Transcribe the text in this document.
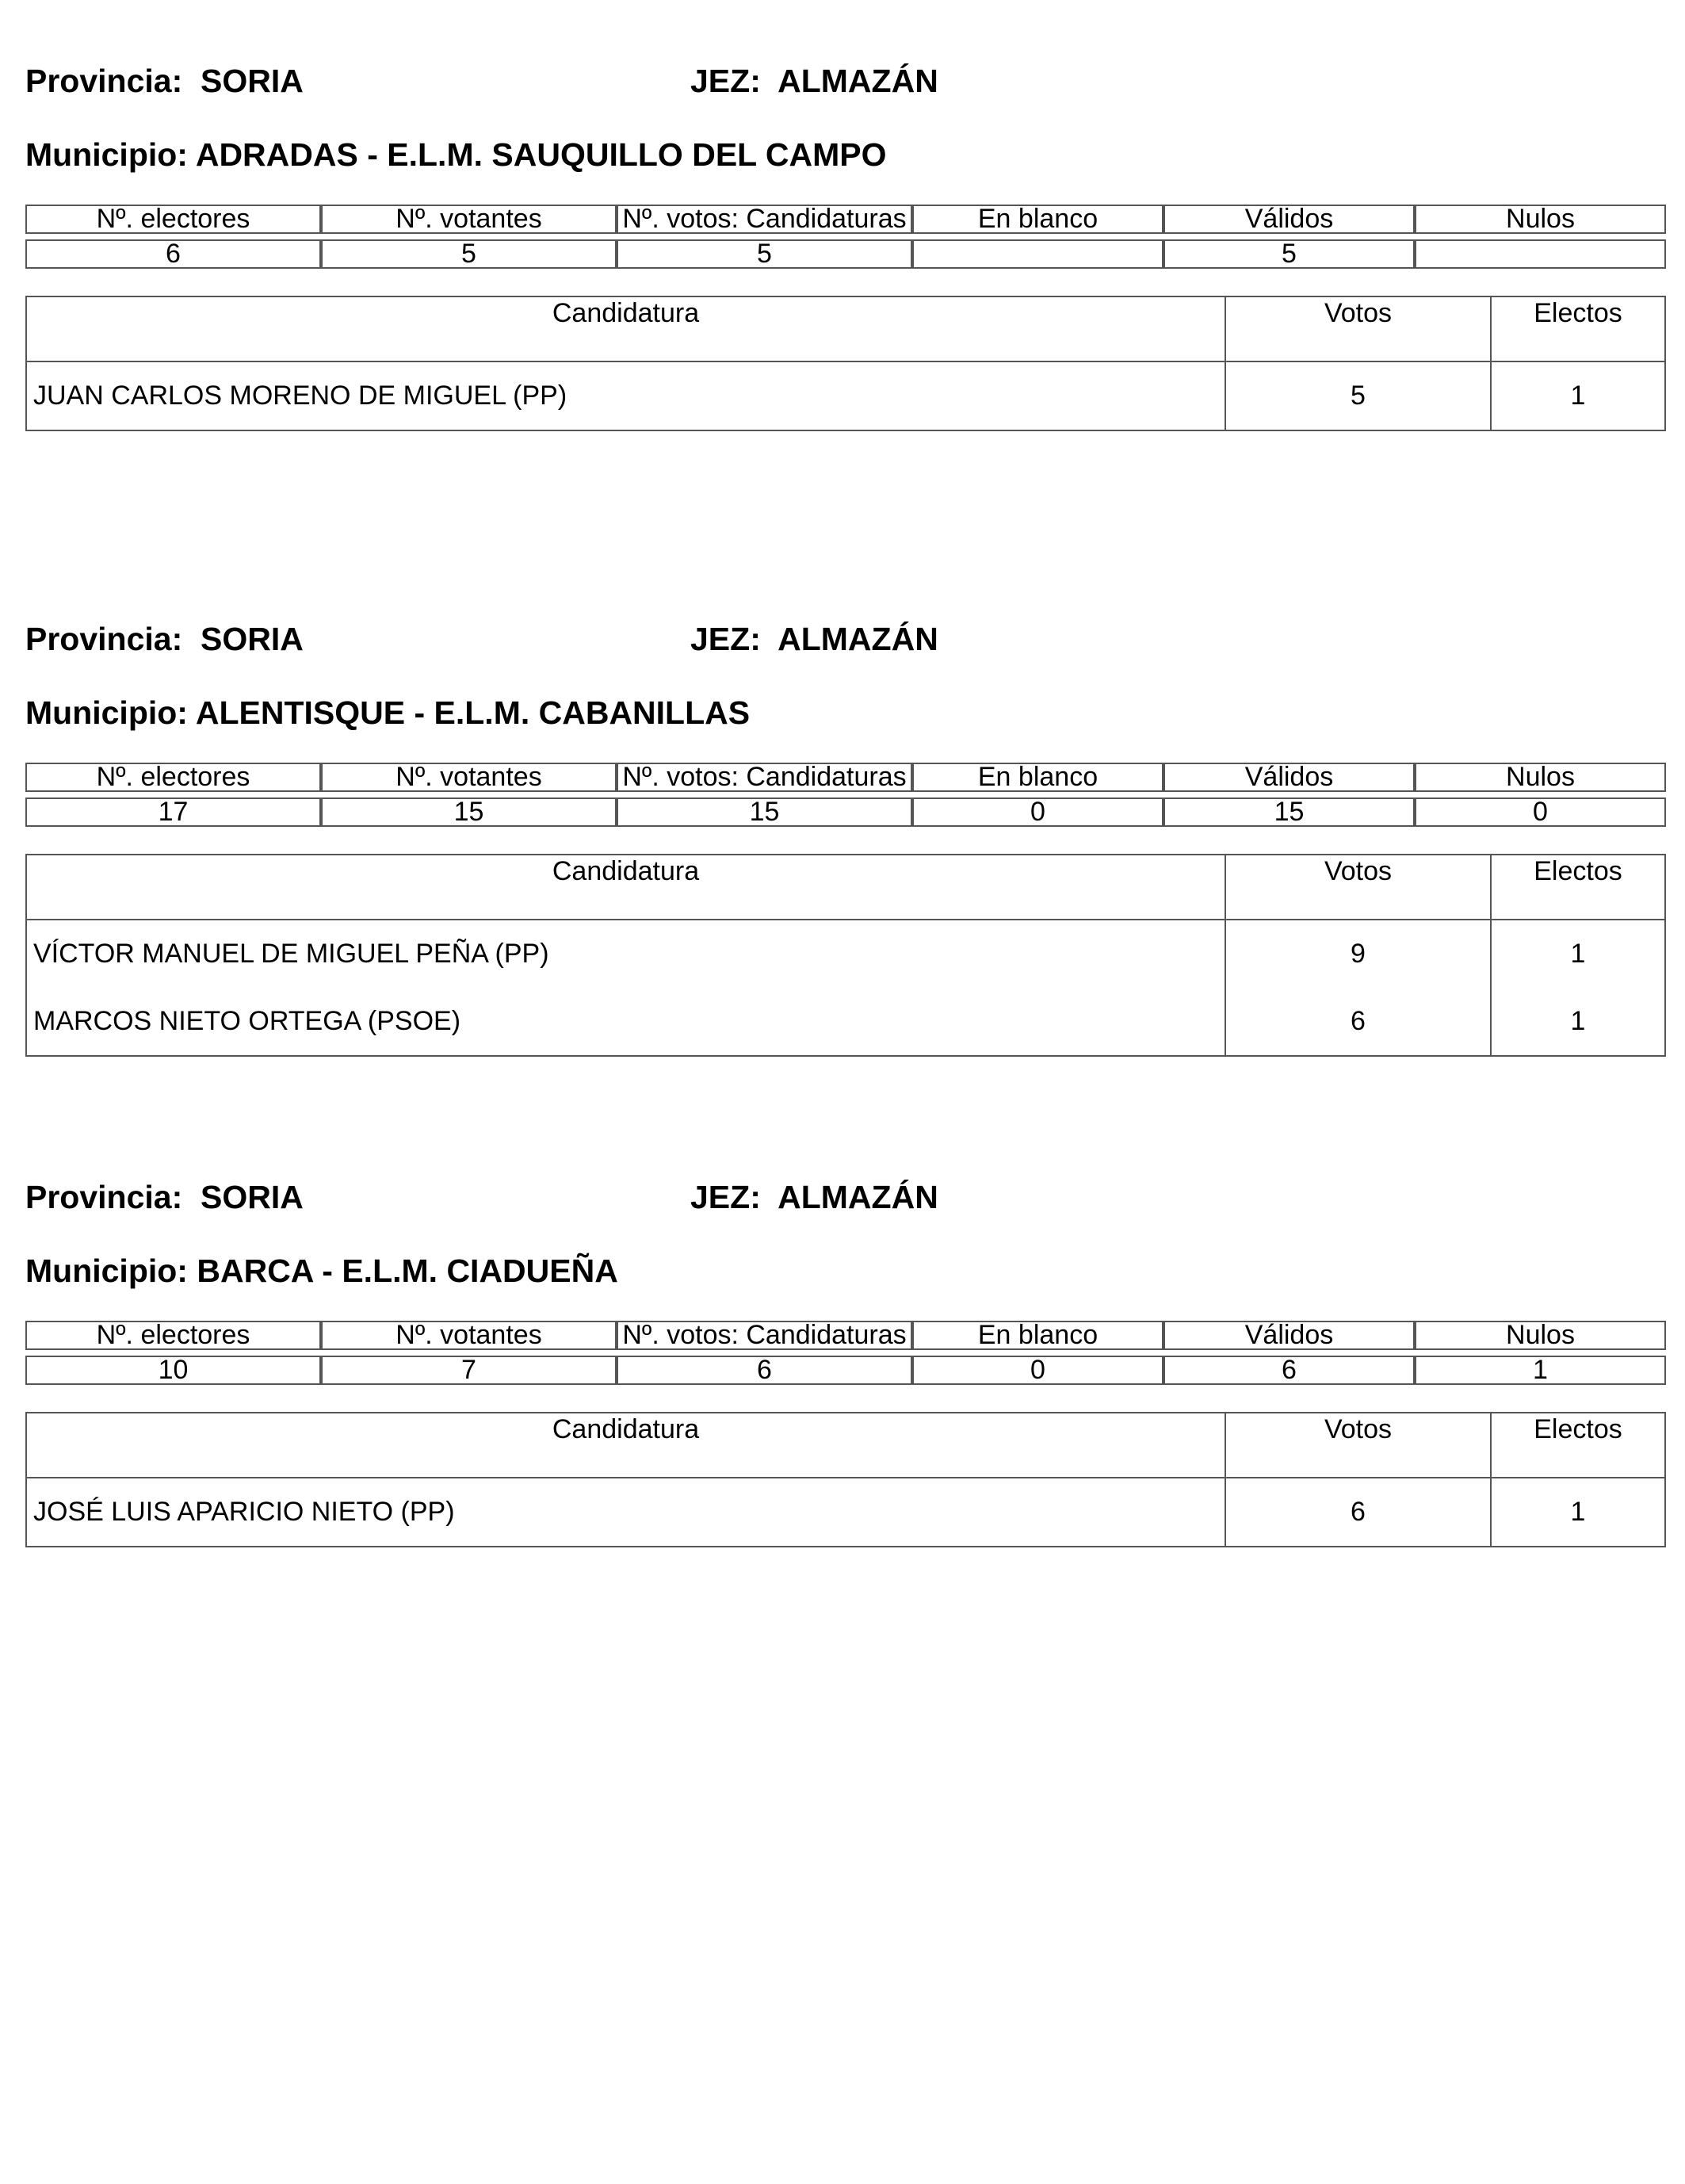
Provincia: SORIA	JEZ: ALMAZÁN
Municipio: ADRADAS - E.L.M. SAUQUILLO DEL CAMPO
Nº. electores	Nº. votantes	Nº. votos: Candidaturas	En blanco	Válidos	Nulos

6	5	5		5	
Candidatura	Votos	Electos
JUAN CARLOS MORENO DE MIGUEL (PP)	5	1
Provincia: SORIA	JEZ: ALMAZÁN
Municipio: ALENTISQUE - E.L.M. CABANILLAS
Nº. electores	Nº. votantes	Nº. votos: Candidaturas	En blanco	Válidos	Nulos

17	15	15	0	15	0
Candidatura	Votos	Electos
VÍCTOR MANUEL DE MIGUEL PEÑA (PP)	9	1
MARCOS NIETO ORTEGA (PSOE)	6	1
Provincia: SORIA	JEZ: ALMAZÁN
Municipio: BARCA - E.L.M. CIADUEÑA
Nº. electores	Nº. votantes	Nº. votos: Candidaturas	En blanco	Válidos	Nulos

10	7	6	0	6	1
Candidatura	Votos	Electos
JOSÉ LUIS APARICIO NIETO (PP)	6	1
